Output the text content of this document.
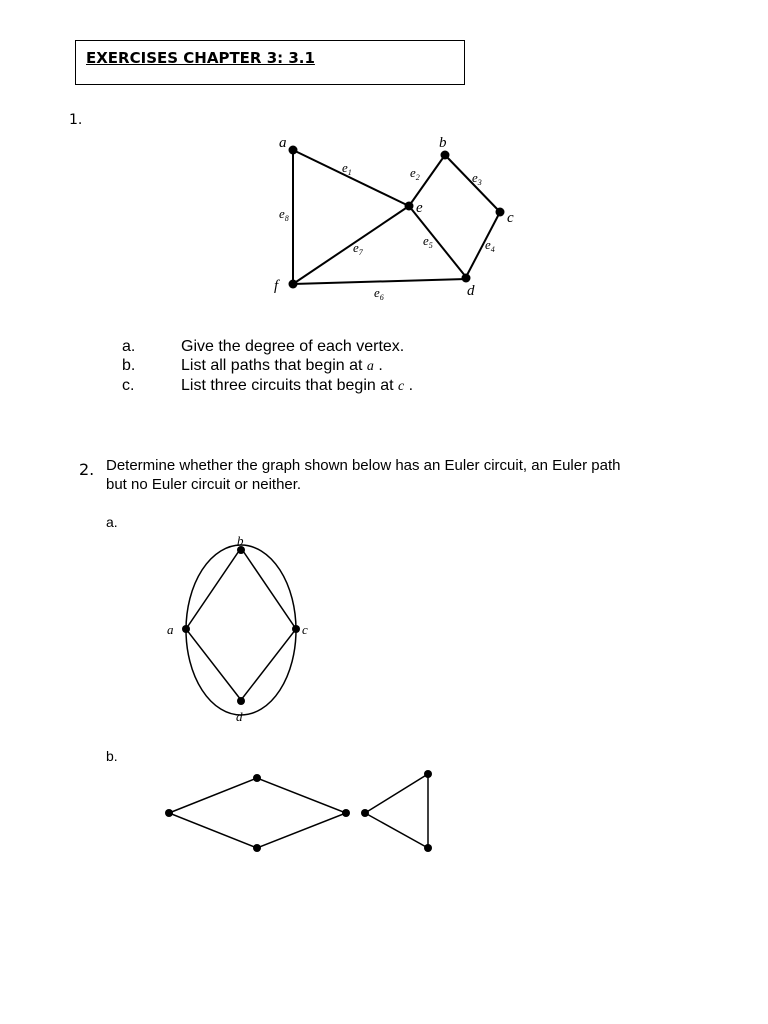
EXERCISES CHAPTER 3: 3.1
1.
a	b
c
d
e
f
$e_1$	$e_2$	$e_3$
$e_4$
$e_5$
$e_6$
$e_7$
$e_8$
b
a	c
d
a.	Give the degree of each vertex.
b.	List all paths that begin at a .
c.	List three circuits that begin at c .
2. Determine whether the graph shown below has an Euler circuit, an Euler path
but no Euler circuit or neither.
a.
b.
